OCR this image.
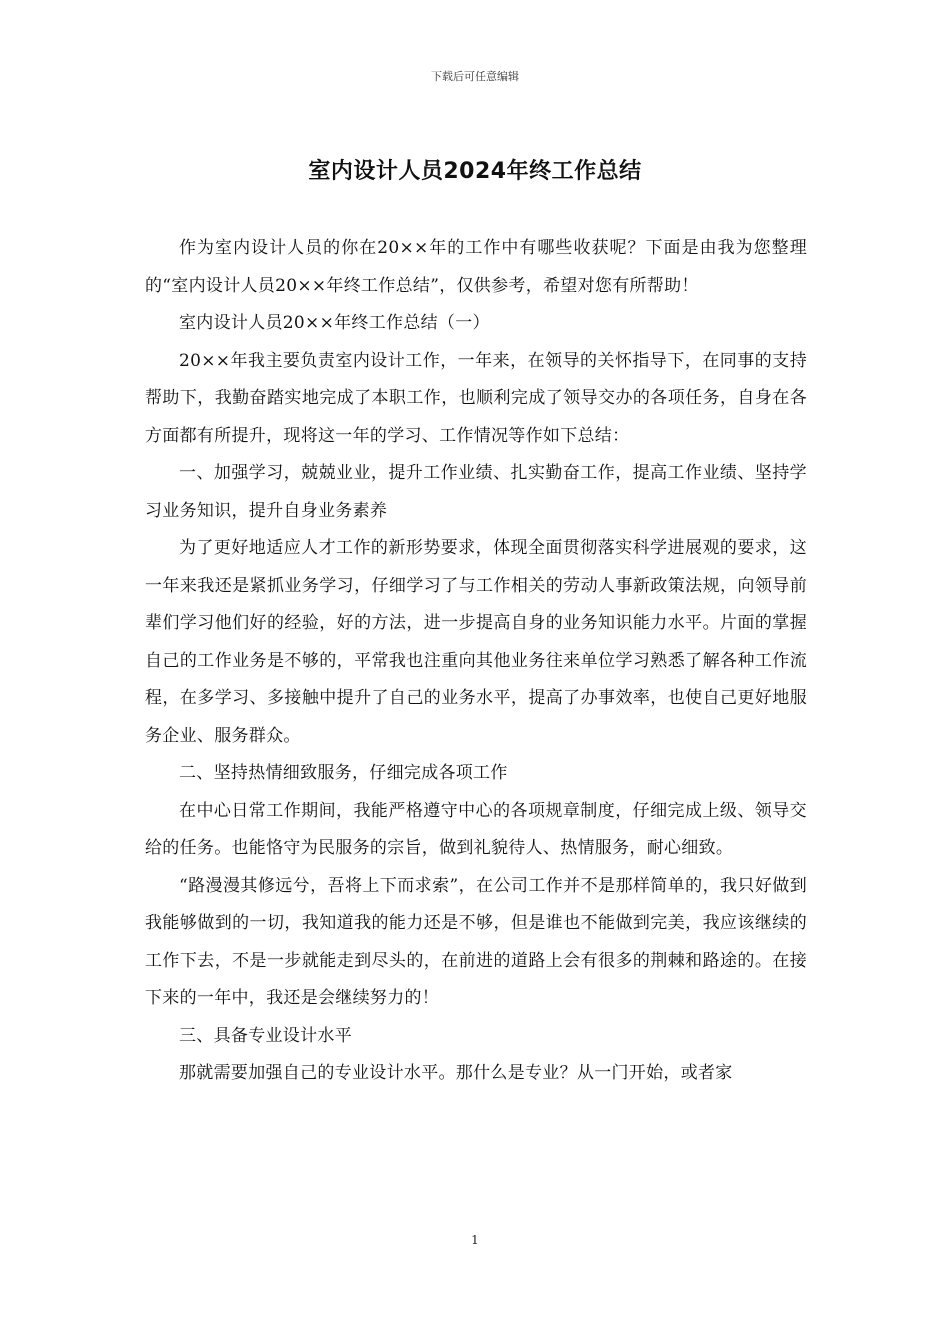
下载后可任意编辑
室内设计人员2024年终工作总结

作为室内设计人员的你在20××年的工作中有哪些收获呢？下面是由我为您整理的“室内设计人员20××年终工作总结”，仅供参考，希望对您有所帮助！

室内设计人员20××年终工作总结（一）

20××年我主要负责室内设计工作，一年来，在领导的关怀指导下，在同事的支持帮助下，我勤奋踏实地完成了本职工作，也顺利完成了领导交办的各项任务，自身在各方面都有所提升，现将这一年的学习、工作情况等作如下总结：

一、加强学习，兢兢业业，提升工作业绩、扎实勤奋工作，提高工作业绩、坚持学习业务知识，提升自身业务素养

为了更好地适应人才工作的新形势要求，体现全面贯彻落实科学进展观的要求，这一年来我还是紧抓业务学习，仔细学习了与工作相关的劳动人事新政策法规，向领导前辈们学习他们好的经验，好的方法，进一步提高自身的业务知识能力水平。片面的掌握自己的工作业务是不够的，平常我也注重向其他业务往来单位学习熟悉了解各种工作流程，在多学习、多接触中提升了自己的业务水平，提高了办事效率，也使自己更好地服务企业、服务群众。

二、坚持热情细致服务，仔细完成各项工作

在中心日常工作期间，我能严格遵守中心的各项规章制度，仔细完成上级、领导交给的任务。也能恪守为民服务的宗旨，做到礼貌待人、热情服务，耐心细致。

“路漫漫其修远兮，吾将上下而求索”，在公司工作并不是那样简单的，我只好做到我能够做到的一切，我知道我的能力还是不够，但是谁也不能做到完美，我应该继续的工作下去，不是一步就能走到尽头的，在前进的道路上会有很多的荆棘和路途的。在接下来的一年中，我还是会继续努力的！

三、具备专业设计水平

那就需要加强自己的专业设计水平。那什么是专业？从一门开始，或者家

1
